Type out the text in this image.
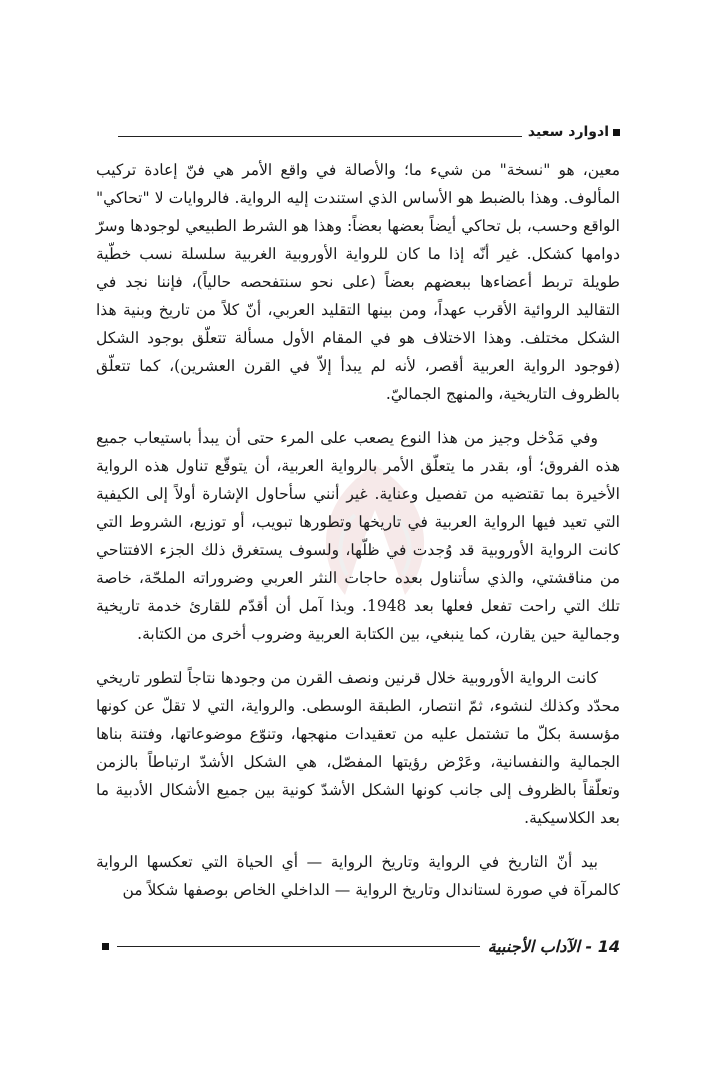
ادوارد سعيد

معين، هو "نسخة" من شيء ما؛ والأصالة في واقع الأمر هي فنّ إعادة تركيب المألوف. وهذا بالضبط هو الأساس الذي استندت إليه الرواية. فالروايات لا "تحاكي" الواقع وحسب، بل تحاكي أيضاً بعضها بعضاً: وهذا هو الشرط الطبيعي لوجودها وسرّ دوامها كشكل. غير أنّه إذا ما كان للرواية الأوروبية الغربية سلسلة نسب خطّية طويلة تربط أعضاءها ببعضهم بعضاً (على نحو سنتفحصه حالياً)، فإننا نجد في التقاليد الروائية الأقرب عهداً، ومن بينها التقليد العربي، أنّ كلاً من تاريخ وبنية هذا الشكل مختلف. وهذا الاختلاف هو في المقام الأول مسألة تتعلّق بوجود الشكل (فوجود الرواية العربية أقصر، لأنه لم يبدأ إلاّ في القرن العشرين)، كما تتعلّق بالظروف التاريخية، والمنهج الجماليّ.

وفي مَدْخل وجيز من هذا النوع يصعب على المرء حتى أن يبدأ باستيعاب جميع هذه الفروق؛ أو، بقدر ما يتعلّق الأمر بالرواية العربية، أن يتوقّع تناول هذه الرواية الأخيرة بما تقتضيه من تفصيل وعناية. غير أنني سأحاول الإشارة أولاً إلى الكيفية التي تعيد فيها الرواية العربية في تاريخها وتطورها تبويب، أو توزيع، الشروط التي كانت الرواية الأوروبية قد وُجدت في ظلّها، ولسوف يستغرق ذلك الجزء الافتتاحي من مناقشتي، والذي سأتناول بعده حاجات النثر العربي وضروراته الملحّة، خاصة تلك التي راحت تفعل فعلها بعد 1948. وبذا آمل أن أقدّم للقارئ خدمة تاريخية وجمالية حين يقارن، كما ينبغي، بين الكتابة العربية وضروب أخرى من الكتابة.

كانت الرواية الأوروبية خلال قرنين ونصف القرن من وجودها نتاجاً لتطور تاريخي محدّد وكذلك لنشوء، ثمّ انتصار، الطبقة الوسطى. والرواية، التي لا تقلّ عن كونها مؤسسة بكلّ ما تشتمل عليه من تعقيدات منهجها، وتنوّع موضوعاتها، وفتنة بناها الجمالية والنفسانية، وعَرْض رؤيتها المفصّل، هي الشكل الأشدّ ارتباطاً بالزمن وتعلّقاً بالظروف إلى جانب كونها الشكل الأشدّ كونية بين جميع الأشكال الأدبية ما بعد الكلاسيكية.

بيد أنّ التاريخ في الرواية وتاريخ الرواية — أي الحياة التي تعكسها الرواية كالمرآة في صورة لستاندال وتاريخ الرواية — الداخلي الخاص بوصفها شكلاً من

14 - الآداب الأجنبية
